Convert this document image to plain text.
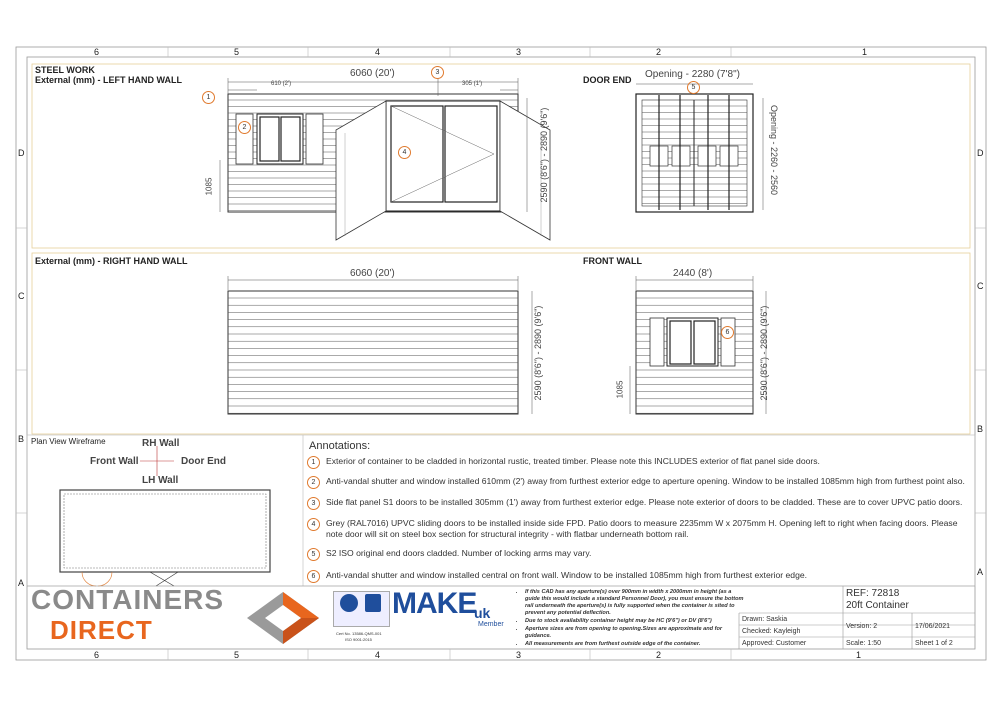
6	5	4	3	2	1
6	5	4	3	2	1
D
C
B
A
D
C
B
A
STEEL WORK
External (mm) - LEFT HAND WALL	DOOR END
External (mm) - RIGHT HAND WALL	FRONT WALL
Plan View Wireframe
6060 (20')
610 (2')	305 (1')
2590 (8'6") - 2890 (9'6")
1085
Opening - 2280 (7'8")
Opening - 2260 - 2560
6060 (20')
2590 (8'6") - 2890 (9'6")
2440 (8')
2590 (8'6") - 2890 (9'6")
1085
1
2
3
4
5
6
RH Wall
Front Wall	Door End
LH Wall
Annotations:
1	Exterior of container to be cladded in horizontal rustic, treated timber. Please note this INCLUDES exterior of flat panel side doors.
2	Anti-vandal shutter and window installed 610mm (2') away from furthest exterior edge to aperture opening. Window to be installed 1085mm high from furthest point also.
3	Side flat panel S1 doors to be installed 305mm (1') away from furthest exterior edge. Please note exterior of doors to be cladded. These are to cover UPVC patio doors.
4	Grey (RAL7016) UPVC sliding doors to be installed inside side FPD. Patio doors to measure 2235mm W x 2075mm H. Opening left to right when facing doors. Please note door will sit on steel box section for structural integrity - with flatbar underneath bottom rail.
5	S2 ISO original end doors cladded. Number of locking arms may vary.
6	Anti-vandal shutter and window installed central on front wall. Window to be installed 1085mm high from furthest exterior edge.
CONTAINERS
DIRECT	Cert No. 13586-QMS-001
ISO 9001:2015
MAKE
uk
Member
• If this CAD has any aperture(s) over 900mm in width x 2000mm in height (as a guide this would include a standard Personnel Door), you must ensure the bottom rail underneath the aperture(s) is fully supported when the container is sited to prevent any potential deflection.
• Due to stock availability container height may be HC (9'6") or DV (8'6")
• Aperture sizes are from opening to opening.Sizes are approximate and for guidance.
• All measurements are from furthest outside edge of the container.
REF: 72818
20ft Container
Drawn: Saskia
Checked: Kayleigh
Approved: Customer
Version: 2	17/06/2021
Scale: 1:50	Sheet 1 of 2
